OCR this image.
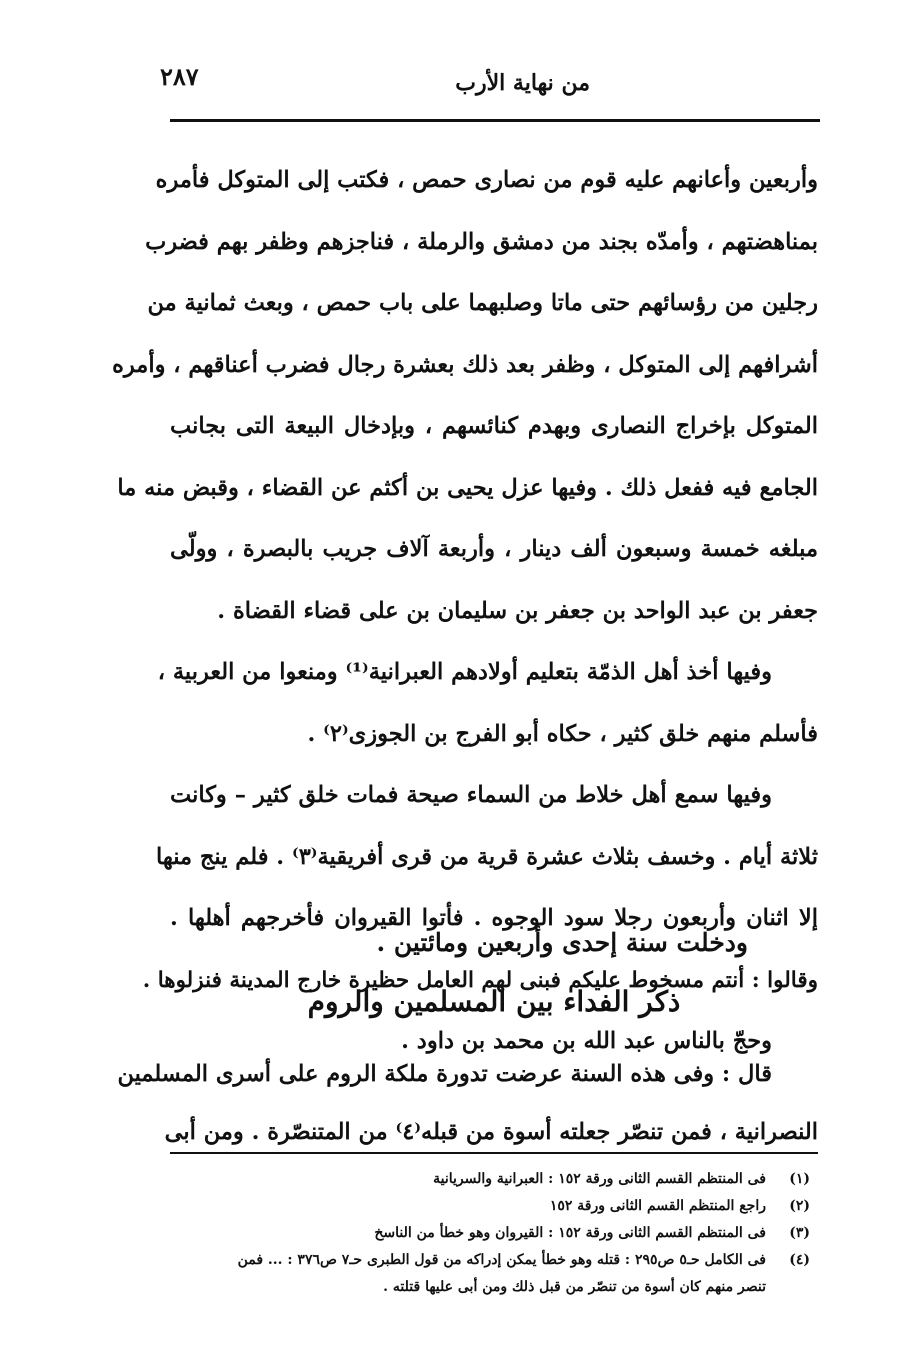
٢٨٧	من نهاية الأرب
وأربعين وأعانهم عليه قوم من نصارى حمص ، فكتب إلى المتوكل فأمره
بمناهضتهم ، وأمدّه بجند من دمشق والرملة ، فناجزهم وظفر بهم فضرب
رجلين من رؤسائهم حتى ماتا وصلبهما على باب حمص ، وبعث ثمانية من
أشرافهم إلى المتوكل ، وظفر بعد ذلك بعشرة رجال فضرب أعناقهم ، وأمره
المتوكل بإخراج النصارى وبهدم كنائسهم ، وبإدخال البيعة التى بجانب
الجامع فيه ففعل ذلك . وفيها عزل يحيى بن أكثم عن القضاء ، وقبض منه ما
مبلغه خمسة وسبعون ألف دينار ، وأربعة آلاف جريب بالبصرة ، وولّى
جعفر بن عبد الواحد بن جعفر بن سليمان بن على قضاء القضاة .
وفيها أخذ أهل الذمّة بتعليم أولادهم العبرانية⁽¹⁾ ومنعوا من العربية ،
فأسلم منهم خلق كثير ، حكاه أبو الفرج بن الجوزى⁽٢⁾ .
وفيها سمع أهل خلاط من السماء صيحة فمات خلق كثير – وكانت
ثلاثة أيام . وخسف بثلاث عشرة قرية من قرى أفريقية⁽٣⁾ . فلم ينج منها
إلا اثنان وأربعون رجلا سود الوجوه . فأتوا القيروان فأخرجهم أهلها .
وقالوا : أنتم مسخوط عليكم فبنى لهم العامل حظيرة خارج المدينة فنزلوها .
وحجّ بالناس عبد الله بن محمد بن داود .
ودخلت سنة إحدى وأربعين ومائتين .
ذكر الفداء بين المسلمين والروم
قال : وفى هذه السنة عرضت تدورة ملكة الروم على أسرى المسلمين
النصرانية ، فمن تنصّر جعلته أسوة من قبله⁽٤⁾ من المتنصّرة . ومن أبى
(١)
فى المنتظم القسم الثانى ورقة ١٥٢ : العبرانية والسريانية
(٢)
راجع المنتظم القسم الثانى ورقة ١٥٢
(٣)
فى المنتظم القسم الثانى ورقة ١٥٢ : القيروان وهو خطأ من الناسخ
(٤)
فى الكامل حـ٥ ص٢٩٥ : قتله وهو خطأ يمكن إدراكه من قول الطبرى حـ٧ ص٣٧٦ : ... فمن
تنصر منهم كان أسوة من تنصّر من قبل ذلك ومن أبى عليها قتلته .
